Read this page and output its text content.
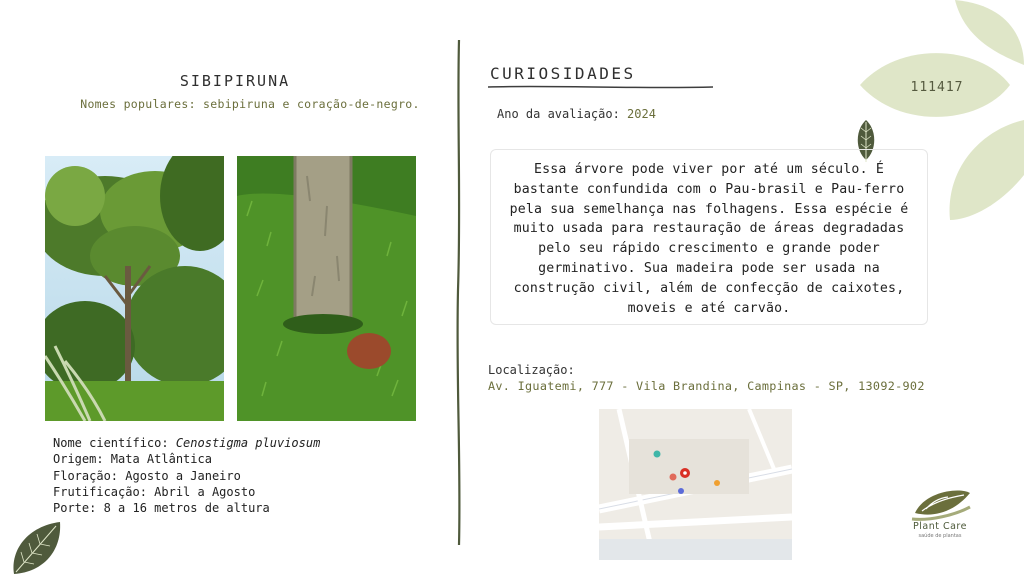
111417
SIBIPIRUNA
Nomes populares: sebipiruna e coração-de-negro.
Nome científico: Cenostigma pluviosum
Origem: Mata Atlântica
Floração: Agosto a Janeiro
Frutificação: Abril a Agosto
Porte: 8 a 16 metros de altura
CURIOSIDADES
Ano da avaliação: 2024
Essa árvore pode viver por até um século. É bastante confundida com o Pau-brasil e Pau-ferro pela sua semelhança nas folhagens. Essa espécie é muito usada para restauração de áreas degradadas pelo seu rápido crescimento e grande poder germinativo. Sua madeira pode ser usada na construção civil, além de confecção de caixotes, moveis e até carvão.
Localização:
Av. Iguatemi, 777 - Vila Brandina, Campinas - SP, 13092-902
Plant Care
saúde de plantas
